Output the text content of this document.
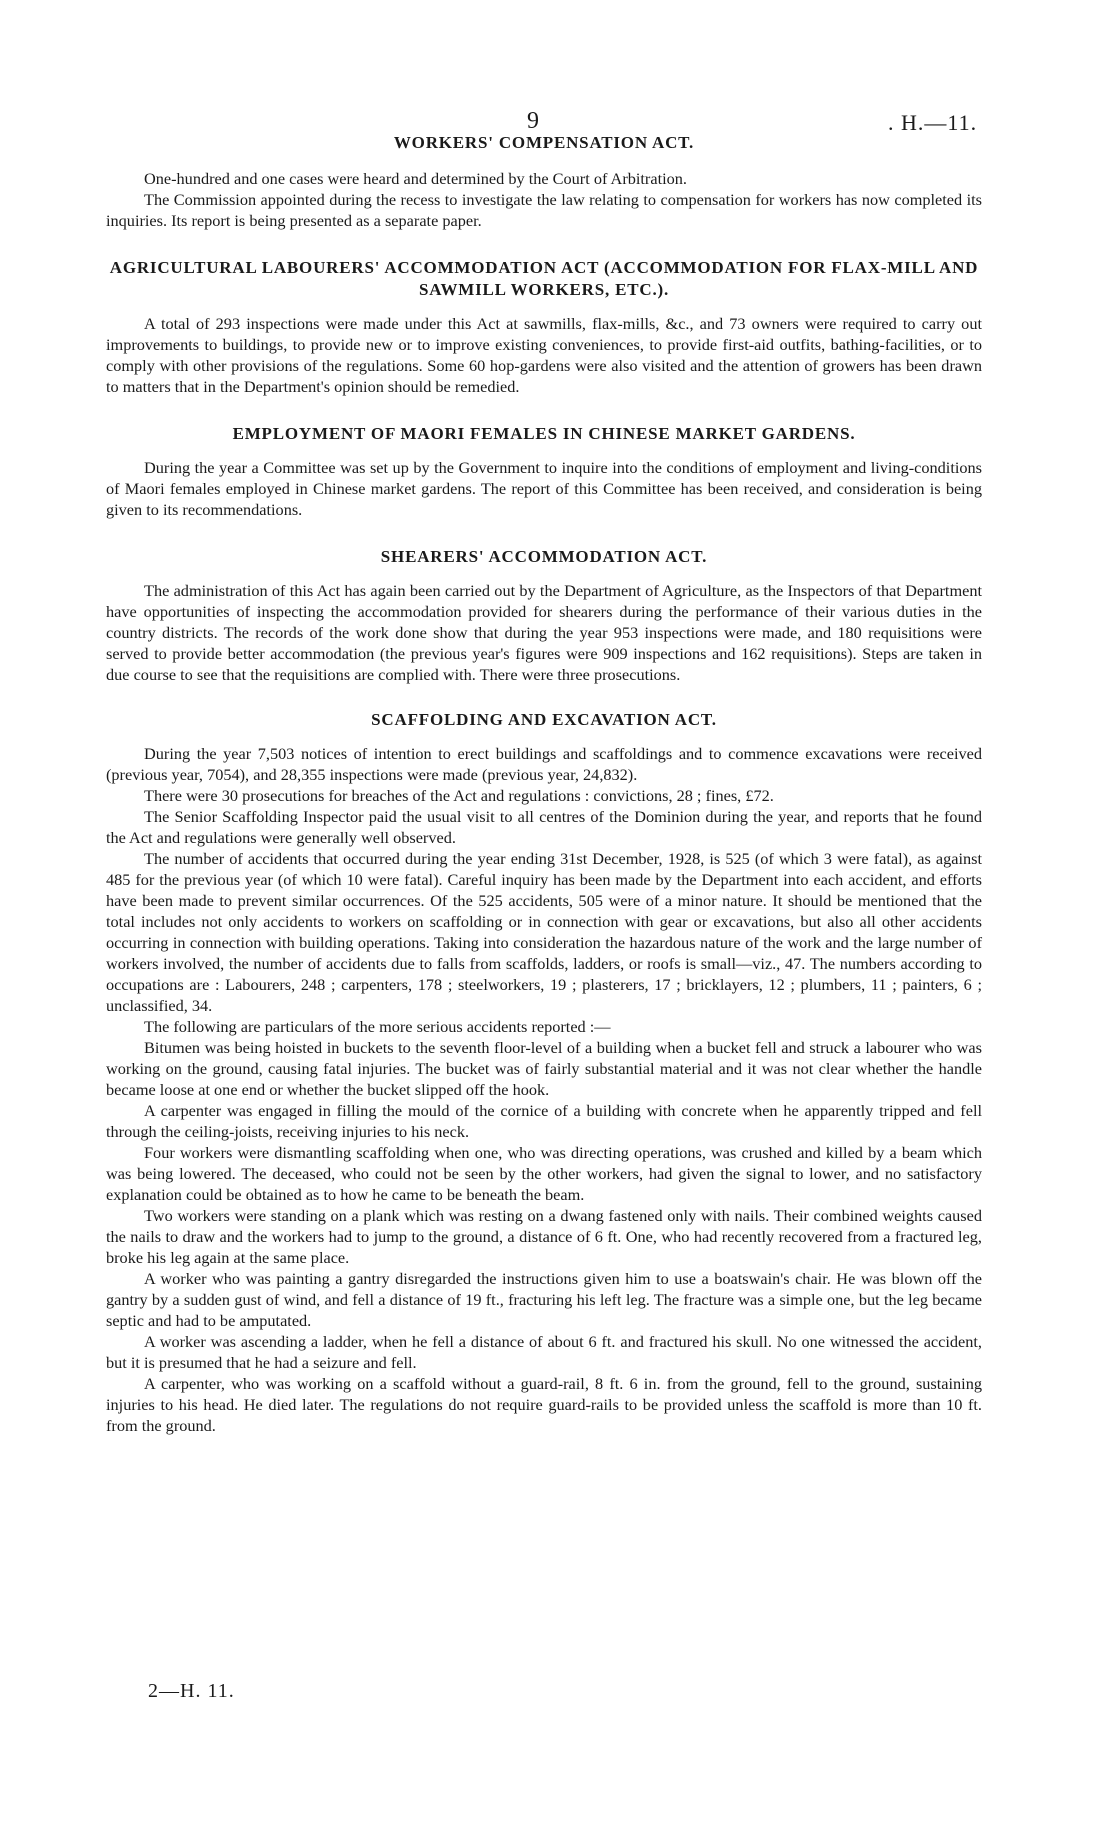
9	. H.—11.
WORKERS' COMPENSATION ACT.

One-hundred and one cases were heard and determined by the Court of Arbitration.

The Commission appointed during the recess to investigate the law relating to compensation for workers has now completed its inquiries. Its report is being presented as a separate paper.

AGRICULTURAL LABOURERS' ACCOMMODATION ACT (ACCOMMODATION FOR FLAX-MILL AND SAWMILL WORKERS, ETC.).

A total of 293 inspections were made under this Act at sawmills, flax-mills, &c., and 73 owners were required to carry out improvements to buildings, to provide new or to improve existing conveniences, to provide first-aid outfits, bathing-facilities, or to comply with other provisions of the regulations. Some 60 hop-gardens were also visited and the attention of growers has been drawn to matters that in the Department's opinion should be remedied.

EMPLOYMENT OF MAORI FEMALES IN CHINESE MARKET GARDENS.

During the year a Committee was set up by the Government to inquire into the conditions of employment and living-conditions of Maori females employed in Chinese market gardens. The report of this Committee has been received, and consideration is being given to its recommendations.

SHEARERS' ACCOMMODATION ACT.

The administration of this Act has again been carried out by the Department of Agriculture, as the Inspectors of that Department have opportunities of inspecting the accommodation provided for shearers during the performance of their various duties in the country districts. The records of the work done show that during the year 953 inspections were made, and 180 requisitions were served to provide better accommodation (the previous year's figures were 909 inspections and 162 requisitions). Steps are taken in due course to see that the requisitions are complied with. There were three prosecutions.

SCAFFOLDING AND EXCAVATION ACT.

During the year 7,503 notices of intention to erect buildings and scaffoldings and to commence excavations were received (previous year, 7054), and 28,355 inspections were made (previous year, 24,832).

There were 30 prosecutions for breaches of the Act and regulations : convictions, 28 ; fines, £72.

The Senior Scaffolding Inspector paid the usual visit to all centres of the Dominion during the year, and reports that he found the Act and regulations were generally well observed.

The number of accidents that occurred during the year ending 31st December, 1928, is 525 (of which 3 were fatal), as against 485 for the previous year (of which 10 were fatal). Careful inquiry has been made by the Department into each accident, and efforts have been made to prevent similar occurrences. Of the 525 accidents, 505 were of a minor nature. It should be mentioned that the total includes not only accidents to workers on scaffolding or in connection with gear or excavations, but also all other accidents occurring in connection with building operations. Taking into consideration the hazardous nature of the work and the large number of workers involved, the number of accidents due to falls from scaffolds, ladders, or roofs is small—viz., 47. The numbers according to occupations are : Labourers, 248 ; carpenters, 178 ; steelworkers, 19 ; plasterers, 17 ; bricklayers, 12 ; plumbers, 11 ; painters, 6 ; unclassified, 34.

The following are particulars of the more serious accidents reported :—

Bitumen was being hoisted in buckets to the seventh floor-level of a building when a bucket fell and struck a labourer who was working on the ground, causing fatal injuries. The bucket was of fairly substantial material and it was not clear whether the handle became loose at one end or whether the bucket slipped off the hook.

A carpenter was engaged in filling the mould of the cornice of a building with concrete when he apparently tripped and fell through the ceiling-joists, receiving injuries to his neck.

Four workers were dismantling scaffolding when one, who was directing operations, was crushed and killed by a beam which was being lowered. The deceased, who could not be seen by the other workers, had given the signal to lower, and no satisfactory explanation could be obtained as to how he came to be beneath the beam.

Two workers were standing on a plank which was resting on a dwang fastened only with nails. Their combined weights caused the nails to draw and the workers had to jump to the ground, a distance of 6 ft. One, who had recently recovered from a fractured leg, broke his leg again at the same place.

A worker who was painting a gantry disregarded the instructions given him to use a boatswain's chair. He was blown off the gantry by a sudden gust of wind, and fell a distance of 19 ft., fracturing his left leg. The fracture was a simple one, but the leg became septic and had to be amputated.

A worker was ascending a ladder, when he fell a distance of about 6 ft. and fractured his skull. No one witnessed the accident, but it is presumed that he had a seizure and fell.

A carpenter, who was working on a scaffold without a guard-rail, 8 ft. 6 in. from the ground, fell to the ground, sustaining injuries to his head. He died later. The regulations do not require guard-rails to be provided unless the scaffold is more than 10 ft. from the ground.

2—H. 11.
